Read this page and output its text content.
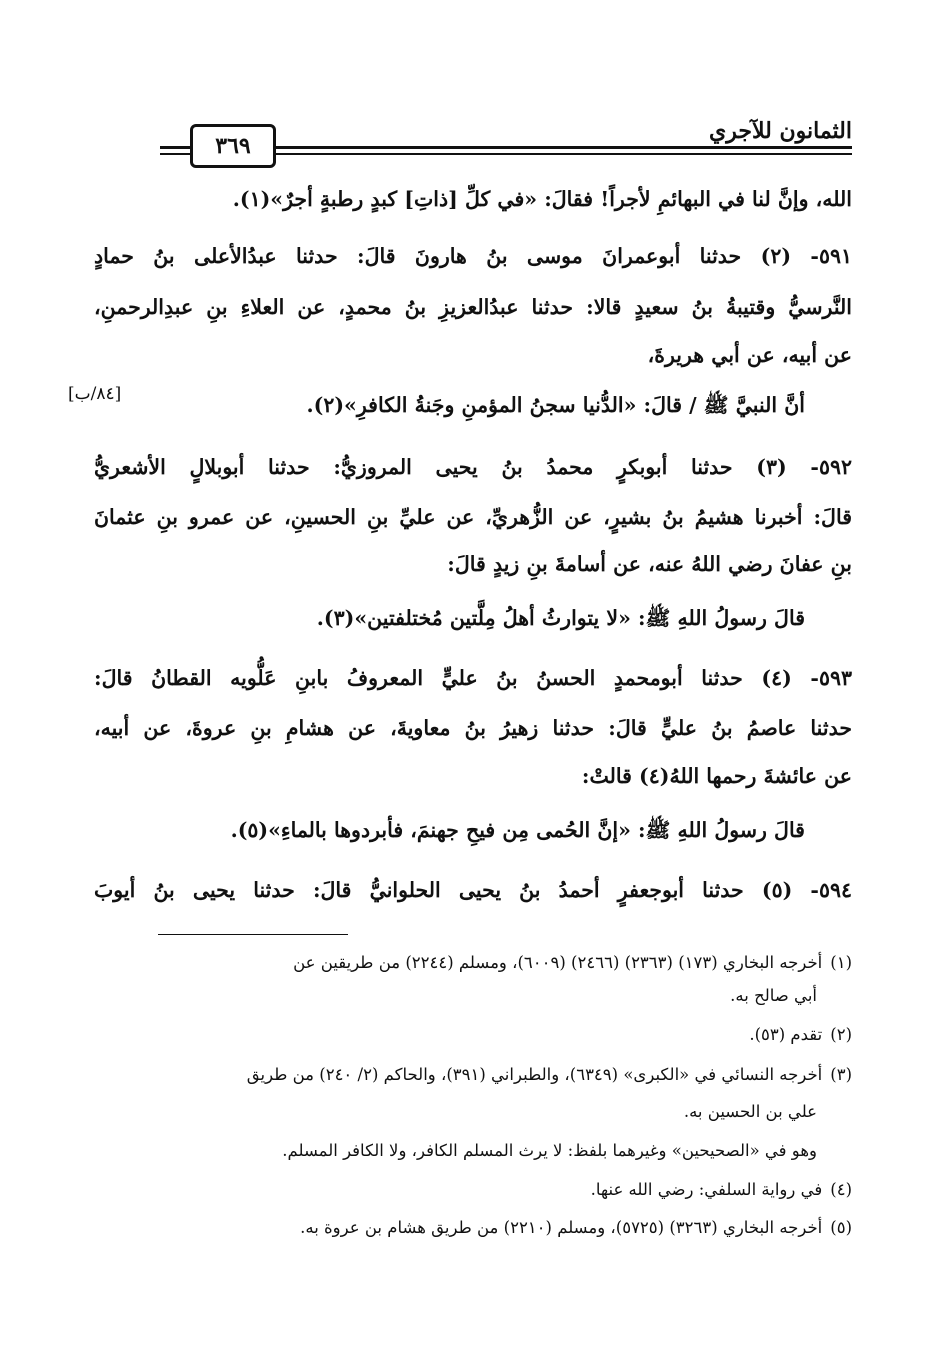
الثمانون للآجري
٣٦٩
[٨٤/ب]
الله، وإنَّ لنا في البهائمِ لأجراً! فقالَ: «في كلِّ [ذاتِ] كبدٍ رطبةٍ أجرٌ»(١).
٥٩١- (٢) حدثنا أبوعمرانَ موسى بنُ هارونَ قالَ: حدثنا عبدُالأعلى بنُ حمادٍ
النَّرسيُّ وقتيبةُ بنُ سعيدٍ قالا: حدثنا عبدُالعزيزِ بنُ محمدٍ، عن العلاءِ بنِ عبدِالرحمنِ،
عن أبيه، عن أبي هريرةَ،
أنَّ النبيَّ ﷺ / قالَ: «الدُّنيا سجنُ المؤمنِ وجَنةُ الكافرِ»(٢).
٥٩٢- (٣) حدثنا أبوبكرٍ محمدُ بنُ يحيى المروزيُّ: حدثنا أبوبلالٍ الأشعريُّ
قالَ: أخبرنا هشيمُ بنُ بشيرٍ، عن الزُّهريِّ، عن عليِّ بنِ الحسينِ، عن عمرو بنِ عثمانَ
بنِ عفانَ رضي اللهُ عنه، عن أسامةَ بنِ زيدٍ قالَ:
قالَ رسولُ اللهِ ﷺ: «لا يتوارثُ أهلُ مِلَّتين مُختلفتين»(٣).
٥٩٣- (٤) حدثنا أبومحمدٍ الحسنُ بنُ عليٍّ المعروفُ بابنِ عَلُّويه القطانُ قالَ:
حدثنا عاصمُ بنُ عليٍّ قالَ: حدثنا زهيرُ بنُ معاويةَ، عن هشامِ بنِ عروةَ، عن أبيه،
عن عائشةَ رحمها اللهُ(٤) قالتْ:
قالَ رسولُ اللهِ ﷺ: «إنَّ الحُمى مِن فيحِ جهنمَ، فأبردوها بالماءِ»(٥).
٥٩٤- (٥) حدثنا أبوجعفرٍ أحمدُ بنُ يحيى الحلوانيُّ قالَ: حدثنا يحيى بنُ أيوبَ
(١)أخرجه البخاري (١٧٣) (٢٣٦٣) (٢٤٦٦) (٦٠٠٩)، ومسلم (٢٢٤٤) من طريقين عن
أبي صالح به.
(٢)تقدم (٥٣).
(٣)أخرجه النسائي في «الكبرى» (٦٣٤٩)، والطبراني (٣٩١)، والحاكم (٢/ ٢٤٠) من طريق
علي بن الحسين به.
وهو في «الصحيحين» وغيرهما بلفظ: لا يرث المسلم الكافر، ولا الكافر المسلم.
(٤)في رواية السلفي: رضي الله عنها.
(٥)أخرجه البخاري (٣٢٦٣) (٥٧٢٥)، ومسلم (٢٢١٠) من طريق هشام بن عروة به.
